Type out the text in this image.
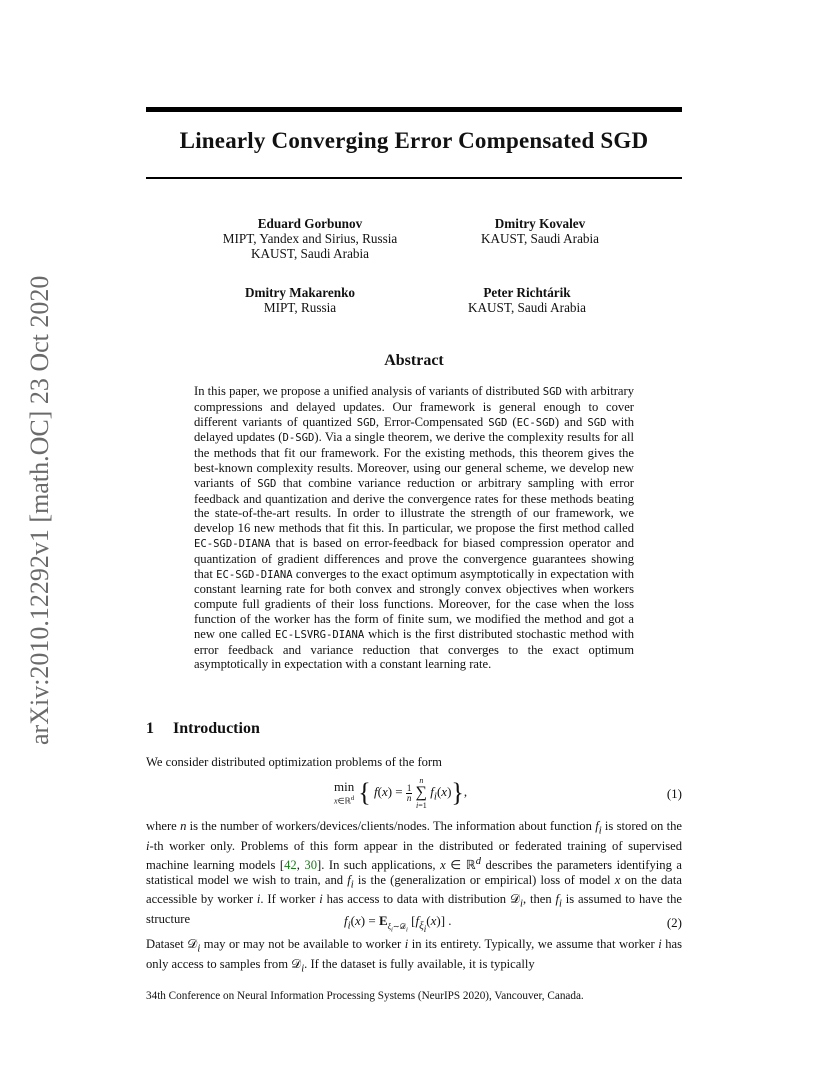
Linearly Converging Error Compensated SGD
arXiv:2010.12292v1 [math.OC] 23 Oct 2020
Eduard Gorbunov
MIPT, Yandex and Sirius, Russia
KAUST, Saudi Arabia
Dmitry Kovalev
KAUST, Saudi Arabia
Dmitry Makarenko
MIPT, Russia
Peter Richtárik
KAUST, Saudi Arabia
Abstract
In this paper, we propose a unified analysis of variants of distributed SGD with arbitrary compressions and delayed updates. Our framework is general enough to cover different variants of quantized SGD, Error-Compensated SGD (EC-SGD) and SGD with delayed updates (D-SGD). Via a single theorem, we derive the complexity results for all the methods that fit our framework. For the existing methods, this theorem gives the best-known complexity results. Moreover, using our general scheme, we develop new variants of SGD that combine variance reduction or arbitrary sampling with error feedback and quantization and derive the convergence rates for these methods beating the state-of-the-art results. In order to illustrate the strength of our framework, we develop 16 new methods that fit this. In particular, we propose the first method called EC-SGD-DIANA that is based on error-feedback for biased compression operator and quantization of gradient differences and prove the convergence guarantees showing that EC-SGD-DIANA converges to the exact optimum asymptotically in expectation with constant learning rate for both convex and strongly convex objectives when workers compute full gradients of their loss functions. Moreover, for the case when the loss function of the worker has the form of finite sum, we modified the method and got a new one called EC-LSVRG-DIANA which is the first distributed stochastic method with error feedback and variance reduction that converges to the exact optimum asymptotically in expectation with a constant learning rate.
1 Introduction
We consider distributed optimization problems of the form
min
x∈ℝ$^d$ { $f(x) = \frac{1}{n}$

n
∑
i=1
$f_i(x)$},	(1)
where n is the number of workers/devices/clients/nodes. The information about function $f_i$ is stored on the i-th worker only. Problems of this form appear in the distributed or federated training of supervised machine learning models [42, 30]. In such applications, x ∈ ℝ$^d$ describes the parameters identifying a statistical model we wish to train, and $f_i$ is the (generalization or empirical) loss of model x on the data accessible by worker i. If worker i has access to data with distribution 𝒟$_i$, then $f_i$ is assumed to have the structure	$f_i(x) = E_{\xi_i\sim 𝒟_i}$ $[f_{\xi_i}(x)]$ .	(2)
Dataset 𝒟$_i$ may or may not be available to worker i in its entirety. Typically, we assume that worker i has only access to samples from 𝒟$_i$. If the dataset is fully available, it is typically
34th Conference on Neural Information Processing Systems (NeurIPS 2020), Vancouver, Canada.
